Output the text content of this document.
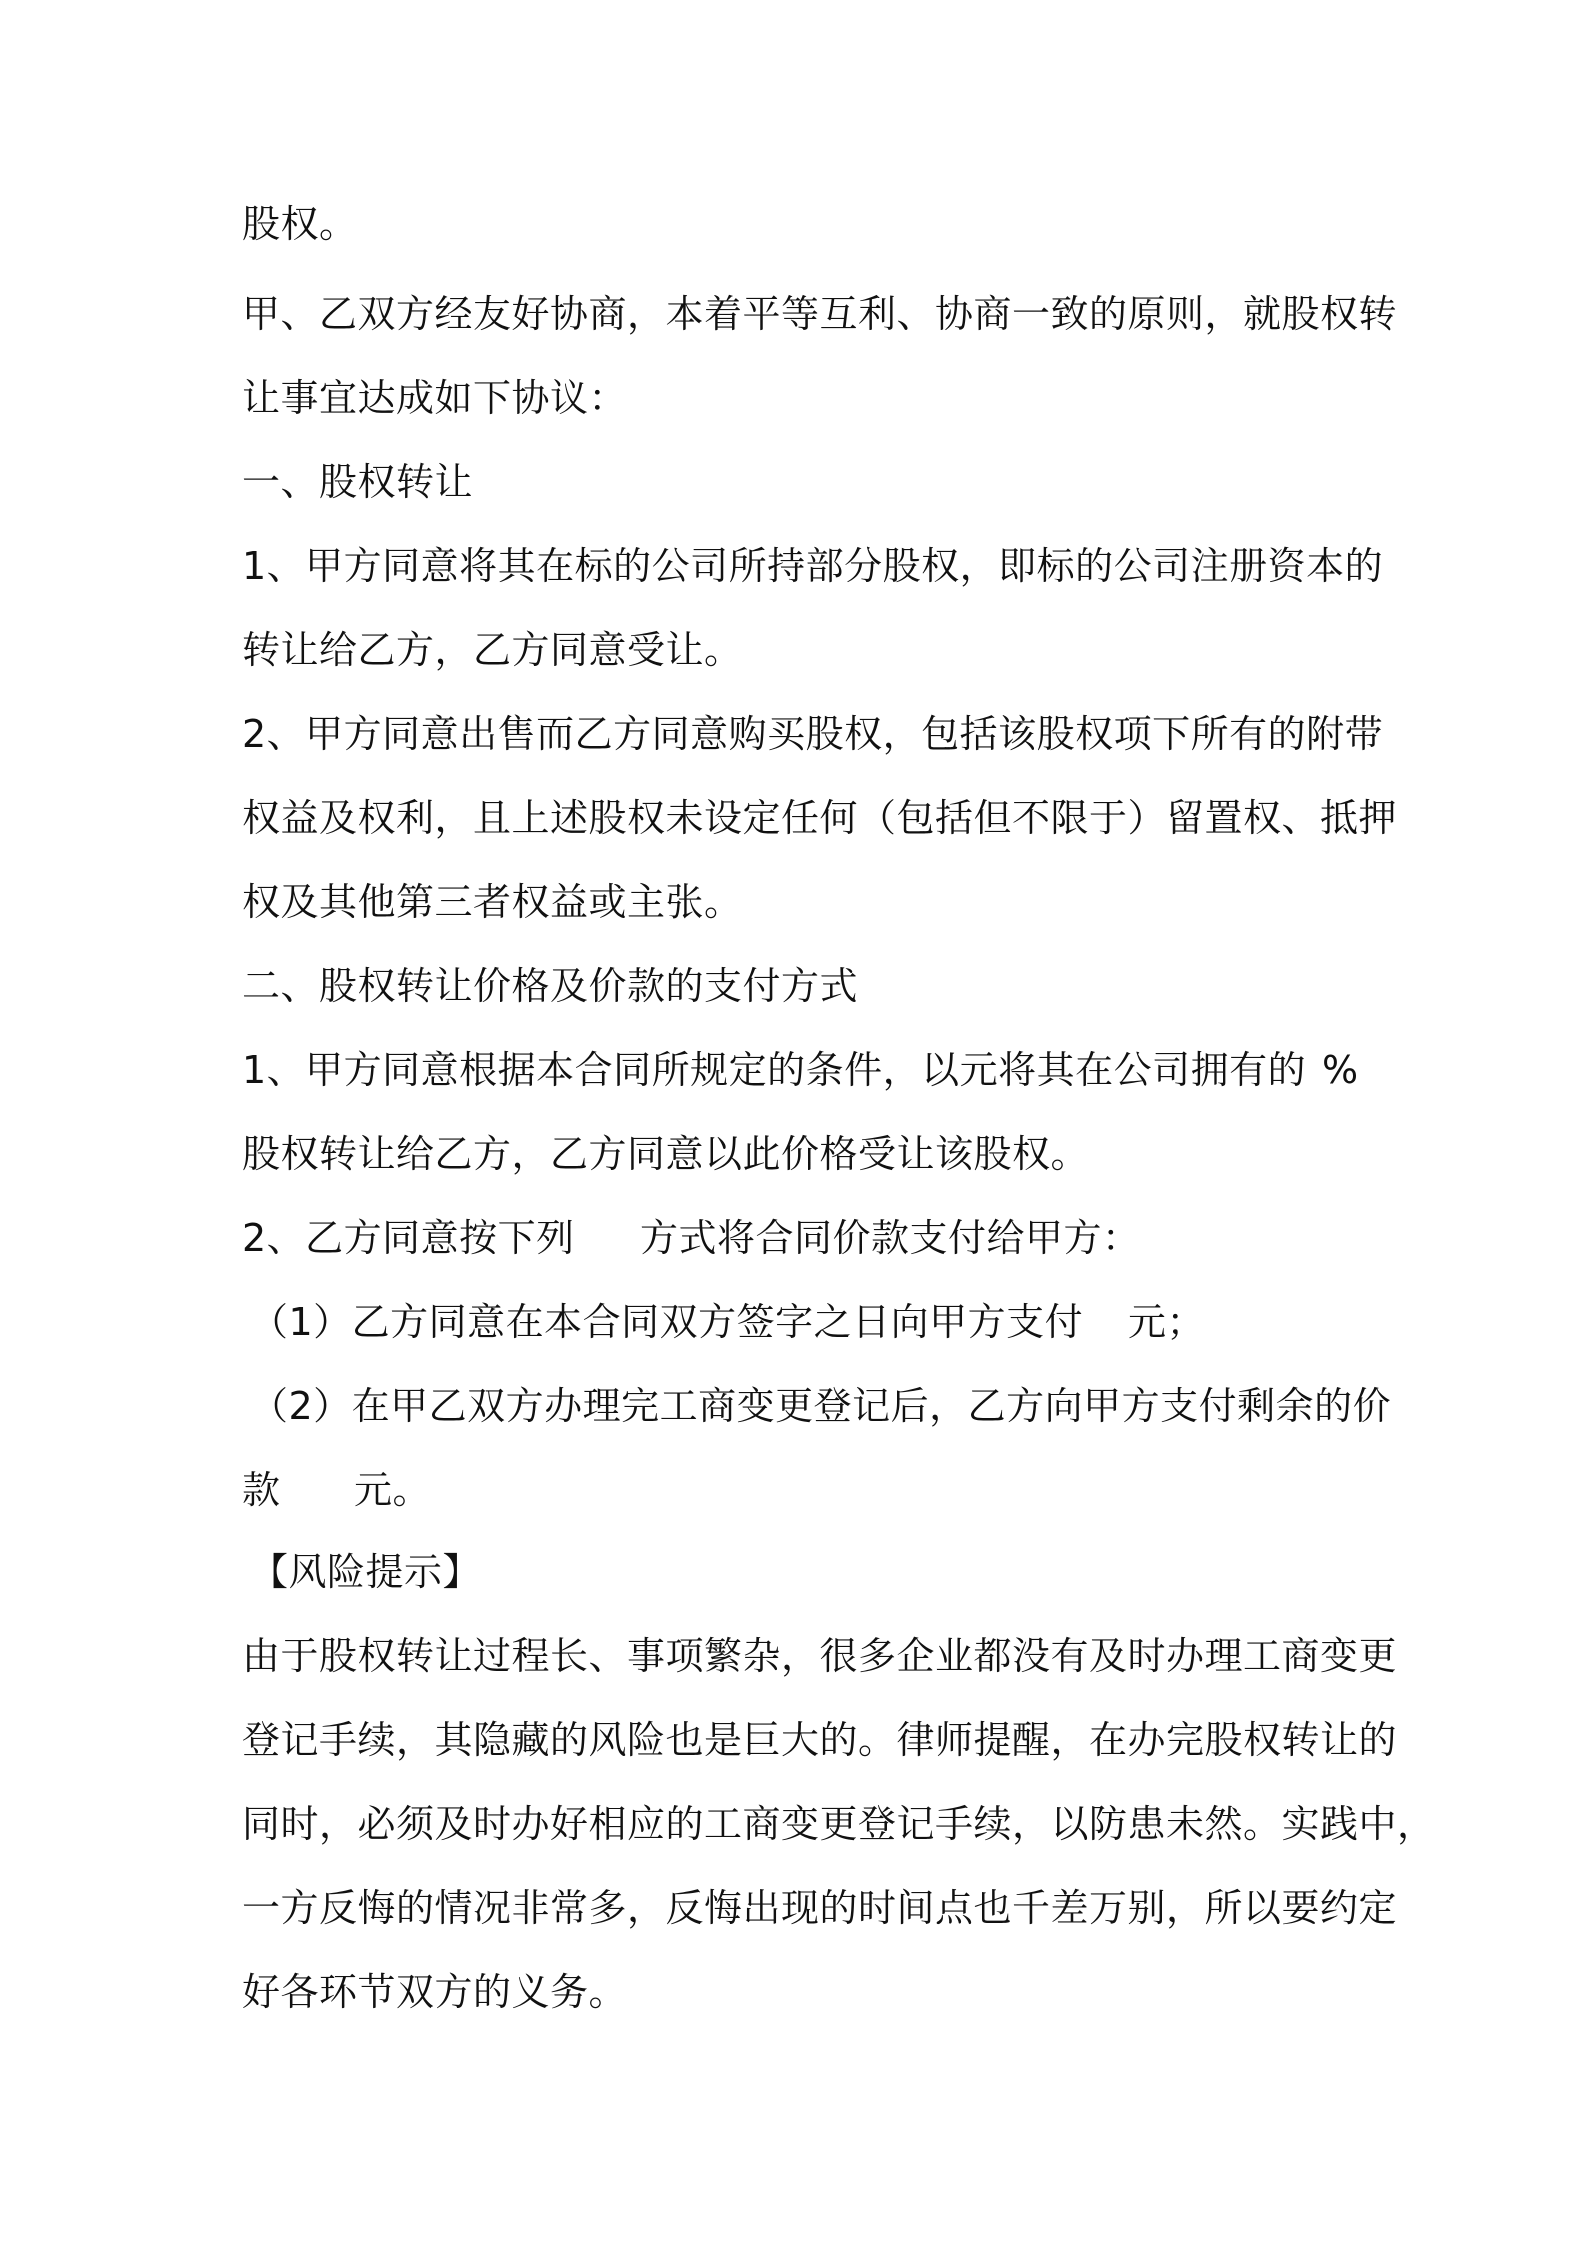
股权。
甲、乙双方经友好协商，本着平等互利、协商一致的原则，就股权转
让事宜达成如下协议：
一、股权转让
1、甲方同意将其在标的公司所持部分股权，即标的公司注册资本的
转让给乙方，乙方同意受让。
2、甲方同意出售而乙方同意购买股权，包括该股权项下所有的附带
权益及权利，且上述股权未设定任何（包括但不限于）留置权、抵押
权及其他第三者权益或主张。
二、股权转让价格及价款的支付方式
1、甲方同意根据本合同所规定的条件，以元将其在公司拥有的 %
股权转让给乙方，乙方同意以此价格受让该股权。
2、乙方同意按下列	方式将合同价款支付给甲方：
（1）乙方同意在本合同双方签字之日向甲方支付	元；
（2）在甲乙双方办理完工商变更登记后，乙方向甲方支付剩余的价
款	元。
【风险提示】
由于股权转让过程长、事项繁杂，很多企业都没有及时办理工商变更
登记手续，其隐藏的风险也是巨大的。律师提醒，在办完股权转让的
同时，必须及时办好相应的工商变更登记手续，以防患未然。实践中，
一方反悔的情况非常多，反悔出现的时间点也千差万别，所以要约定
好各环节双方的义务。
